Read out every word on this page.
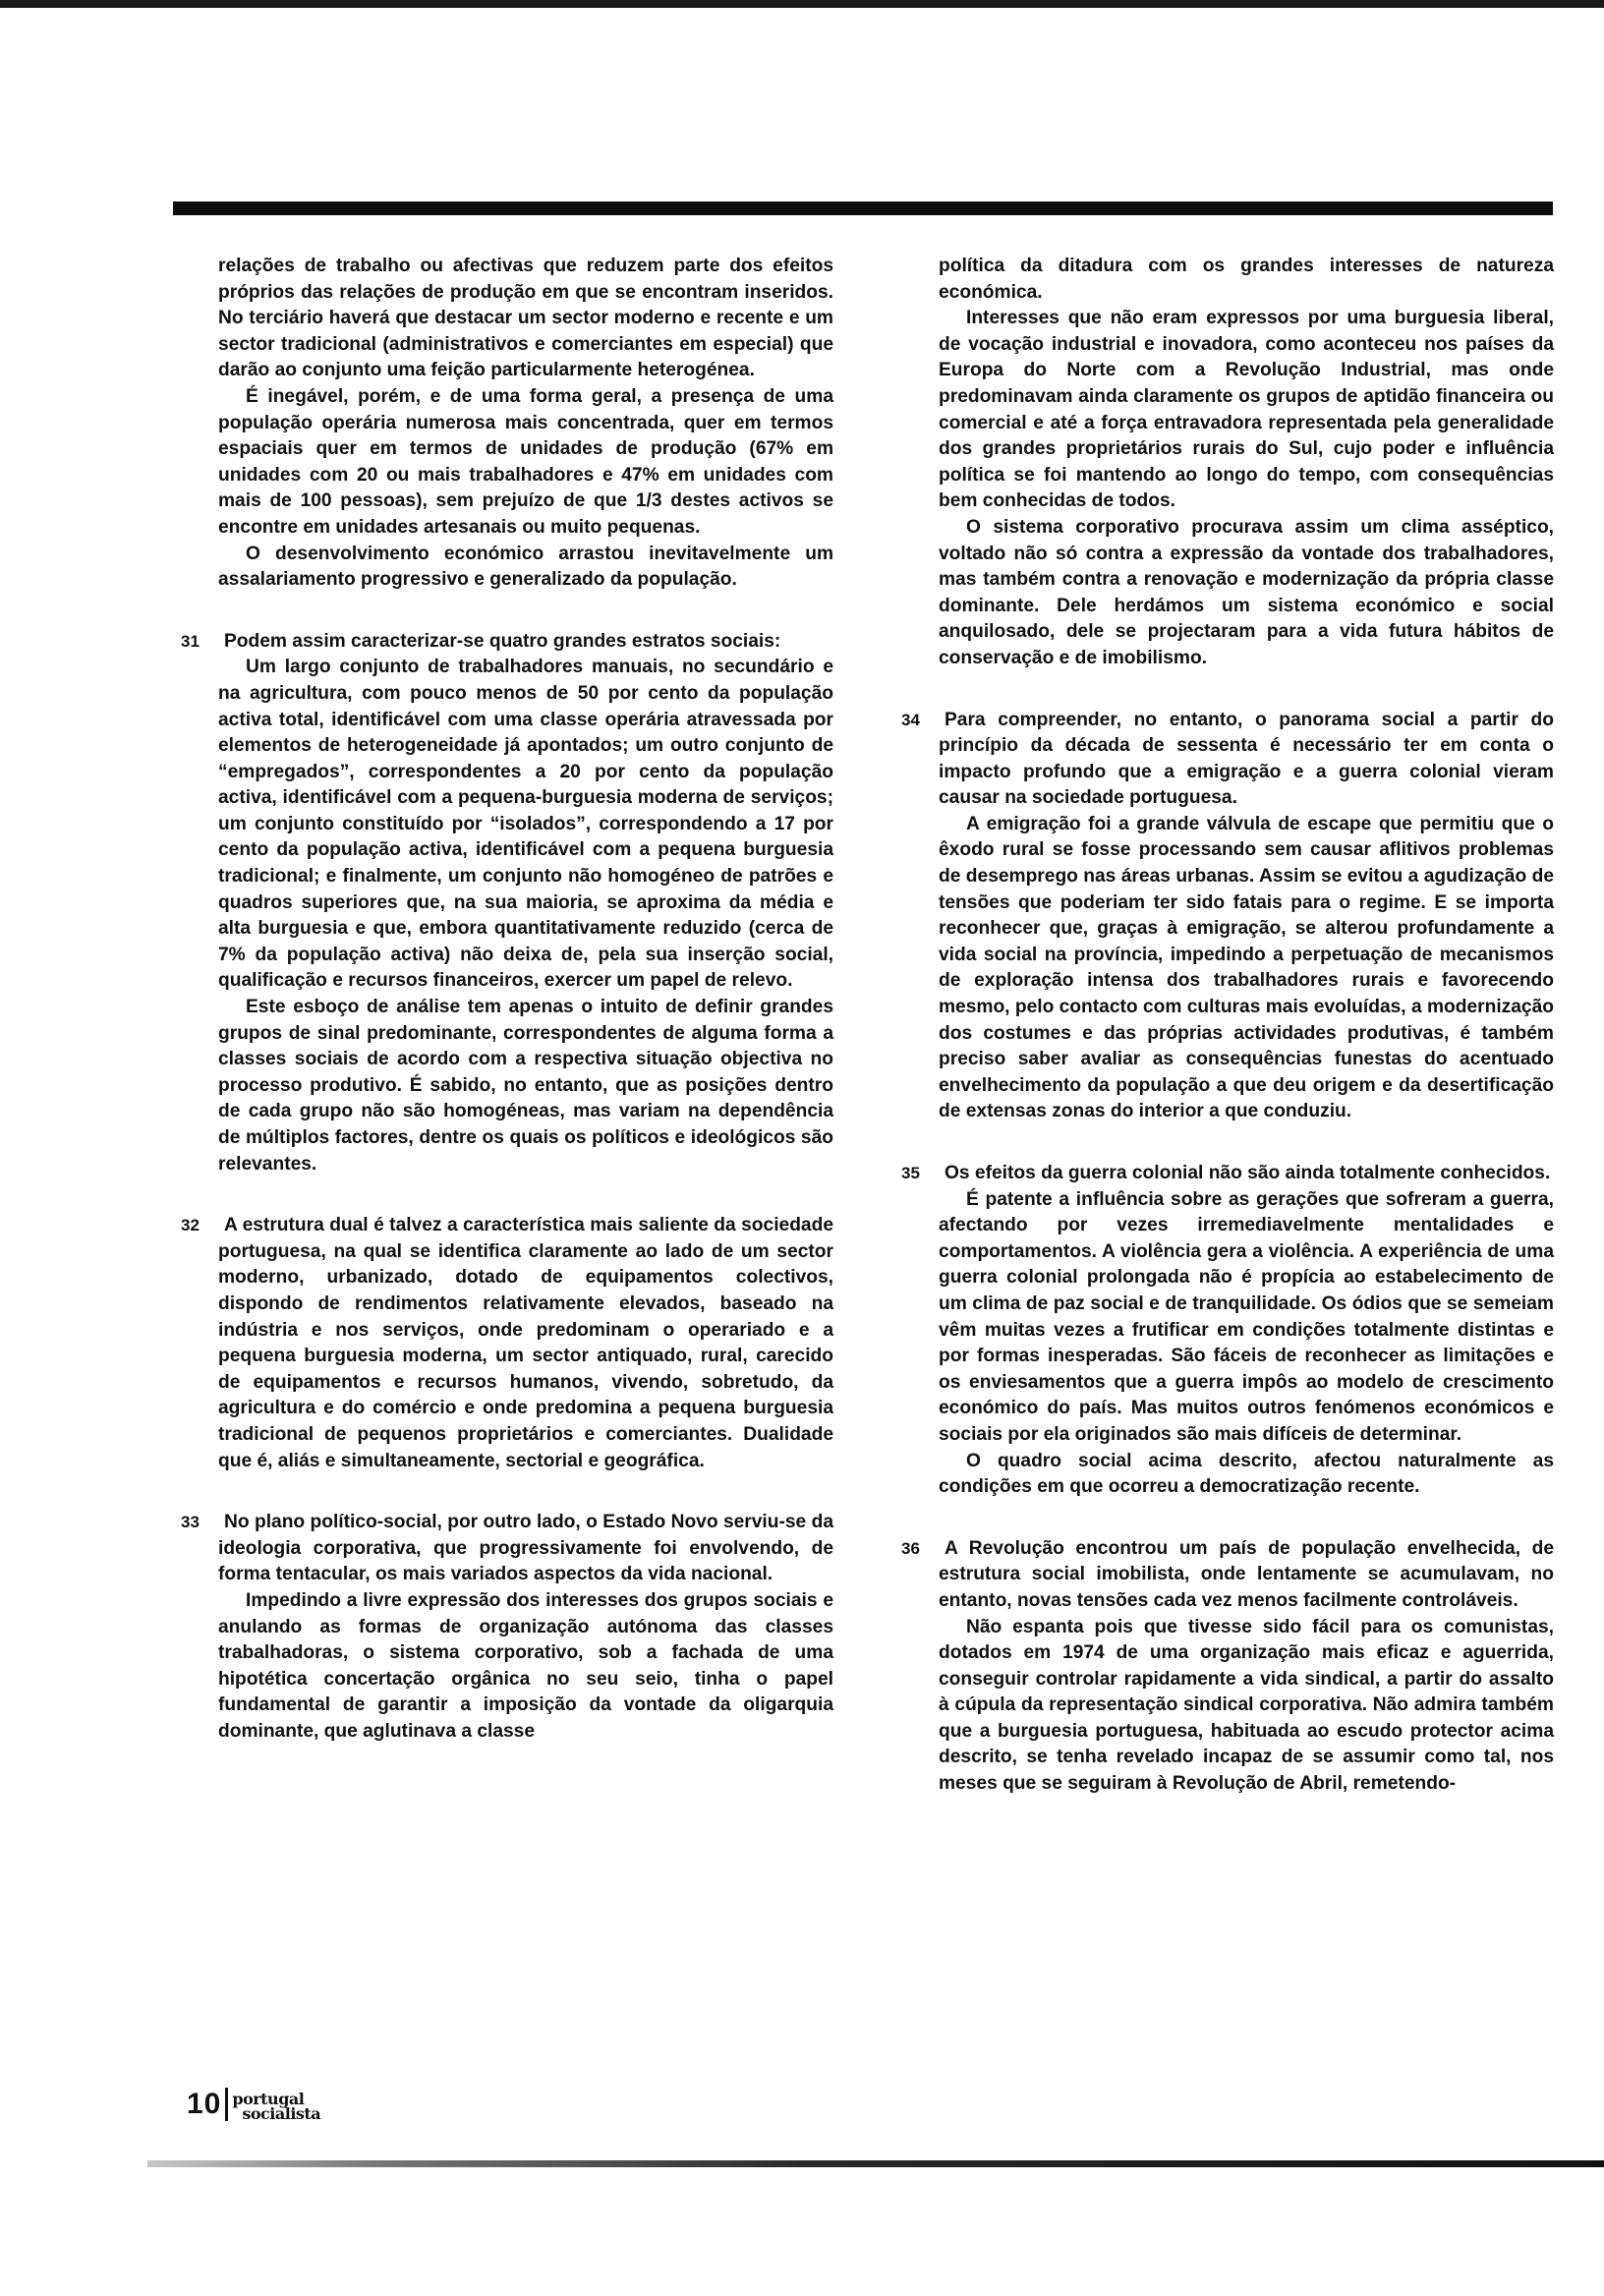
relações de trabalho ou afectivas que reduzem parte dos efeitos próprios das relações de produção em que se encontram inseridos. No terciário haverá que destacar um sector moderno e recente e um sector tradicional (administrativos e comerciantes em especial) que darão ao conjunto uma feição particularmente heterogénea.

É inegável, porém, e de uma forma geral, a presença de uma população operária numerosa mais concentrada, quer em termos espaciais quer em termos de unidades de produção (67% em unidades com 20 ou mais trabalhadores e 47% em unidades com mais de 100 pessoas), sem prejuízo de que 1/3 destes activos se encontre em unidades artesanais ou muito pequenas.

O desenvolvimento económico arrastou inevitavelmente um assalariamento progressivo e generalizado da população.

31	Podem assim caracterizar-se quatro grandes estratos sociais:

Um largo conjunto de trabalhadores manuais, no secundário e na agricultura, com pouco menos de 50 por cento da população activa total, identificável com uma classe operária atravessada por elementos de heterogeneidade já apontados; um outro conjunto de “empregados”, correspondentes a 20 por cento da população activa, identificável com a pequena-burguesia moderna de serviços; um conjunto constituído por “isolados”, correspondendo a 17 por cento da população activa, identificável com a pequena burguesia tradicional; e finalmente, um conjunto não homogéneo de patrões e quadros superiores que, na sua maioria, se aproxima da média e alta burguesia e que, embora quantitativamente reduzido (cerca de 7% da população activa) não deixa de, pela sua inserção social, qualificação e recursos financeiros, exercer um papel de relevo.

Este esboço de análise tem apenas o intuito de definir grandes grupos de sinal predominante, correspondentes de alguma forma a classes sociais de acordo com a respectiva situação objectiva no processo produtivo. É sabido, no entanto, que as posições dentro de cada grupo não são homogéneas, mas variam na dependência de múltiplos factores, dentre os quais os políticos e ideológicos são relevantes.

32	A estrutura dual é talvez a característica mais saliente da sociedade portuguesa, na qual se identifica claramente ao lado de um sector moderno, urbanizado, dotado de equipamentos colectivos, dispondo de rendimentos relativamente elevados, baseado na indústria e nos serviços, onde predominam o operariado e a pequena burguesia moderna, um sector antiquado, rural, carecido de equipamentos e recursos humanos, vivendo, sobretudo, da agricultura e do comércio e onde predomina a pequena burguesia tradicional de pequenos proprietários e comerciantes. Dualidade que é, aliás e simultaneamente, sectorial e geográfica.

33	No plano político-social, por outro lado, o Estado Novo serviu-se da ideologia corporativa, que progressivamente foi envolvendo, de forma tentacular, os mais variados aspectos da vida nacional.

Impedindo a livre expressão dos interesses dos grupos sociais e anulando as formas de organização autónoma das classes trabalhadoras, o sistema corporativo, sob a fachada de uma hipotética concertação orgânica no seu seio, tinha o papel fundamental de garantir a imposição da vontade da oligarquia dominante, que aglutinava a classe

política da ditadura com os grandes interesses de natureza económica.

Interesses que não eram expressos por uma burguesia liberal, de vocação industrial e inovadora, como aconteceu nos países da Europa do Norte com a Revolução Industrial, mas onde predominavam ainda claramente os grupos de aptidão financeira ou comercial e até a força entravadora representada pela generalidade dos grandes proprietários rurais do Sul, cujo poder e influência política se foi mantendo ao longo do tempo, com consequências bem conhecidas de todos.

O sistema corporativo procurava assim um clima asséptico, voltado não só contra a expressão da vontade dos trabalhadores, mas também contra a renovação e modernização da própria classe dominante. Dele herdámos um sistema económico e social anquilosado, dele se projectaram para a vida futura hábitos de conservação e de imobilismo.

34	Para compreender, no entanto, o panorama social a partir do princípio da década de sessenta é necessário ter em conta o impacto profundo que a emigração e a guerra colonial vieram causar na sociedade portuguesa.

A emigração foi a grande válvula de escape que permitiu que o êxodo rural se fosse processando sem causar aflitivos problemas de desemprego nas áreas urbanas. Assim se evitou a agudização de tensões que poderiam ter sido fatais para o regime. E se importa reconhecer que, graças à emigração, se alterou profundamente a vida social na província, impedindo a perpetuação de mecanismos de exploração intensa dos trabalhadores rurais e favorecendo mesmo, pelo contacto com culturas mais evoluídas, a modernização dos costumes e das próprias actividades produtivas, é também preciso saber avaliar as consequências funestas do acentuado envelhecimento da população a que deu origem e da desertificação de extensas zonas do interior a que conduziu.

35	Os efeitos da guerra colonial não são ainda totalmente conhecidos.

É patente a influência sobre as gerações que sofreram a guerra, afectando por vezes irremediavelmente mentalidades e comportamentos. A violência gera a violência. A experiência de uma guerra colonial prolongada não é propícia ao estabelecimento de um clima de paz social e de tranquilidade. Os ódios que se semeiam vêm muitas vezes a frutificar em condições totalmente distintas e por formas inesperadas. São fáceis de reconhecer as limitações e os enviesamentos que a guerra impôs ao modelo de crescimento económico do país. Mas muitos outros fenómenos económicos e sociais por ela originados são mais difíceis de determinar.

O quadro social acima descrito, afectou naturalmente as condições em que ocorreu a democratização recente.

36	A Revolução encontrou um país de população envelhecida, de estrutura social imobilista, onde lentamente se acumulavam, no entanto, novas tensões cada vez menos facilmente controláveis.

Não espanta pois que tivesse sido fácil para os comunistas, dotados em 1974 de uma organização mais eficaz e aguerrida, conseguir controlar rapidamente a vida sindical, a partir do assalto à cúpula da representação sindical corporativa. Não admira também que a burguesia portuguesa, habituada ao escudo protector acima descrito, se tenha revelado incapaz de se assumir como tal, nos meses que se seguiram à Revolução de Abril, remetendo-

10 portugal
socialista
